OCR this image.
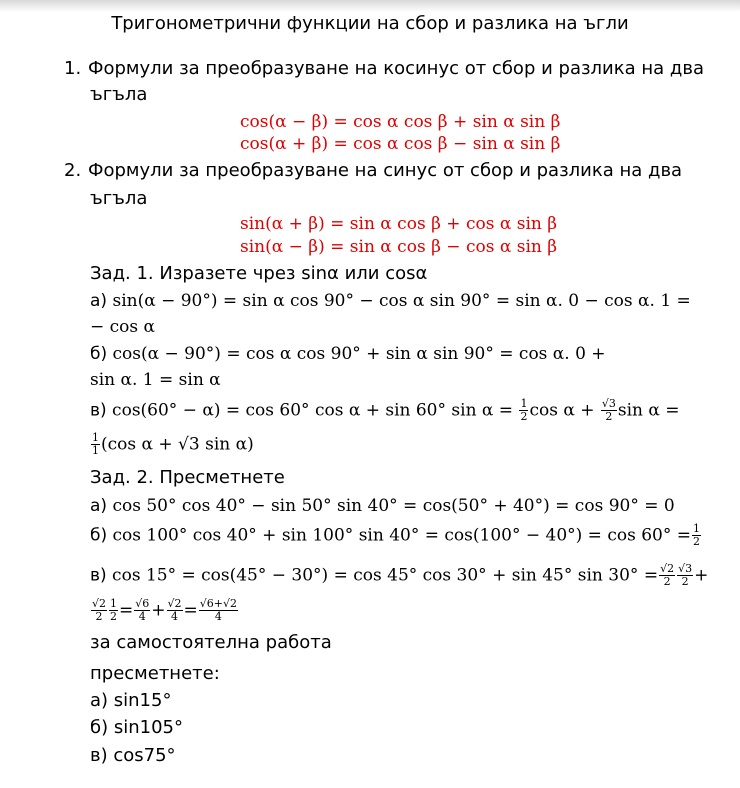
Тригонометрични функции на сбор и разлика на ъгли
1. Формули за преобразуване на косинус от сбор и разлика на два
ъгъла
cos(α − β) = cos α cos β + sin α sin β
cos(α + β) = cos α cos β − sin α sin β
2. Формули за преобразуване на синус от сбор и разлика на два
ъгъла
sin(α + β) = sin α cos β + cos α sin β
sin(α − β) = sin α cos β − cos α sin β
Зад. 1. Изразете чрез sinα или cosα
а) sin(α − 90°) = sin α cos 90° − cos α sin 90° = sin α. 0 − cos α. 1 =
− cos α
б) cos(α − 90°) = cos α cos 90° + sin α sin 90° = cos α. 0 +
sin α. 1 = sin α
в) cos(60° − α) = cos 60° cos α + sin 60° $\sin \alpha = \frac{1}{2}$ $\cos \alpha + \frac{√3}{2}$ sin α =
$\frac{1}{1} (\cos$ α + √3 sin α)
Зад. 2. Пресметнете
а) cos 50° cos 40° − sin 50° sin 40° = cos(50° + 40°) = cos 90° = 0
б) cos 100° cos 40° + sin 100° $\sin 40^\circ = \cos(100^\circ - 40^\circ) = \cos 60^\circ = \frac{1}{2}$
в) cos 15° = cos(45° − 30°) = cos 45° cos 30° + sin 45° $\sin 30^\circ = \frac{√2}{2} \frac{√3}{2}$ +
$\frac{√2}{2} \frac{1}{2} = \frac{√6}{4} + \frac{√2}{4} = \frac{√6+√2}{4}$
за самостоятелна работа
пресметнете:
а) sin15°
б) sin105°
в) cos75°
